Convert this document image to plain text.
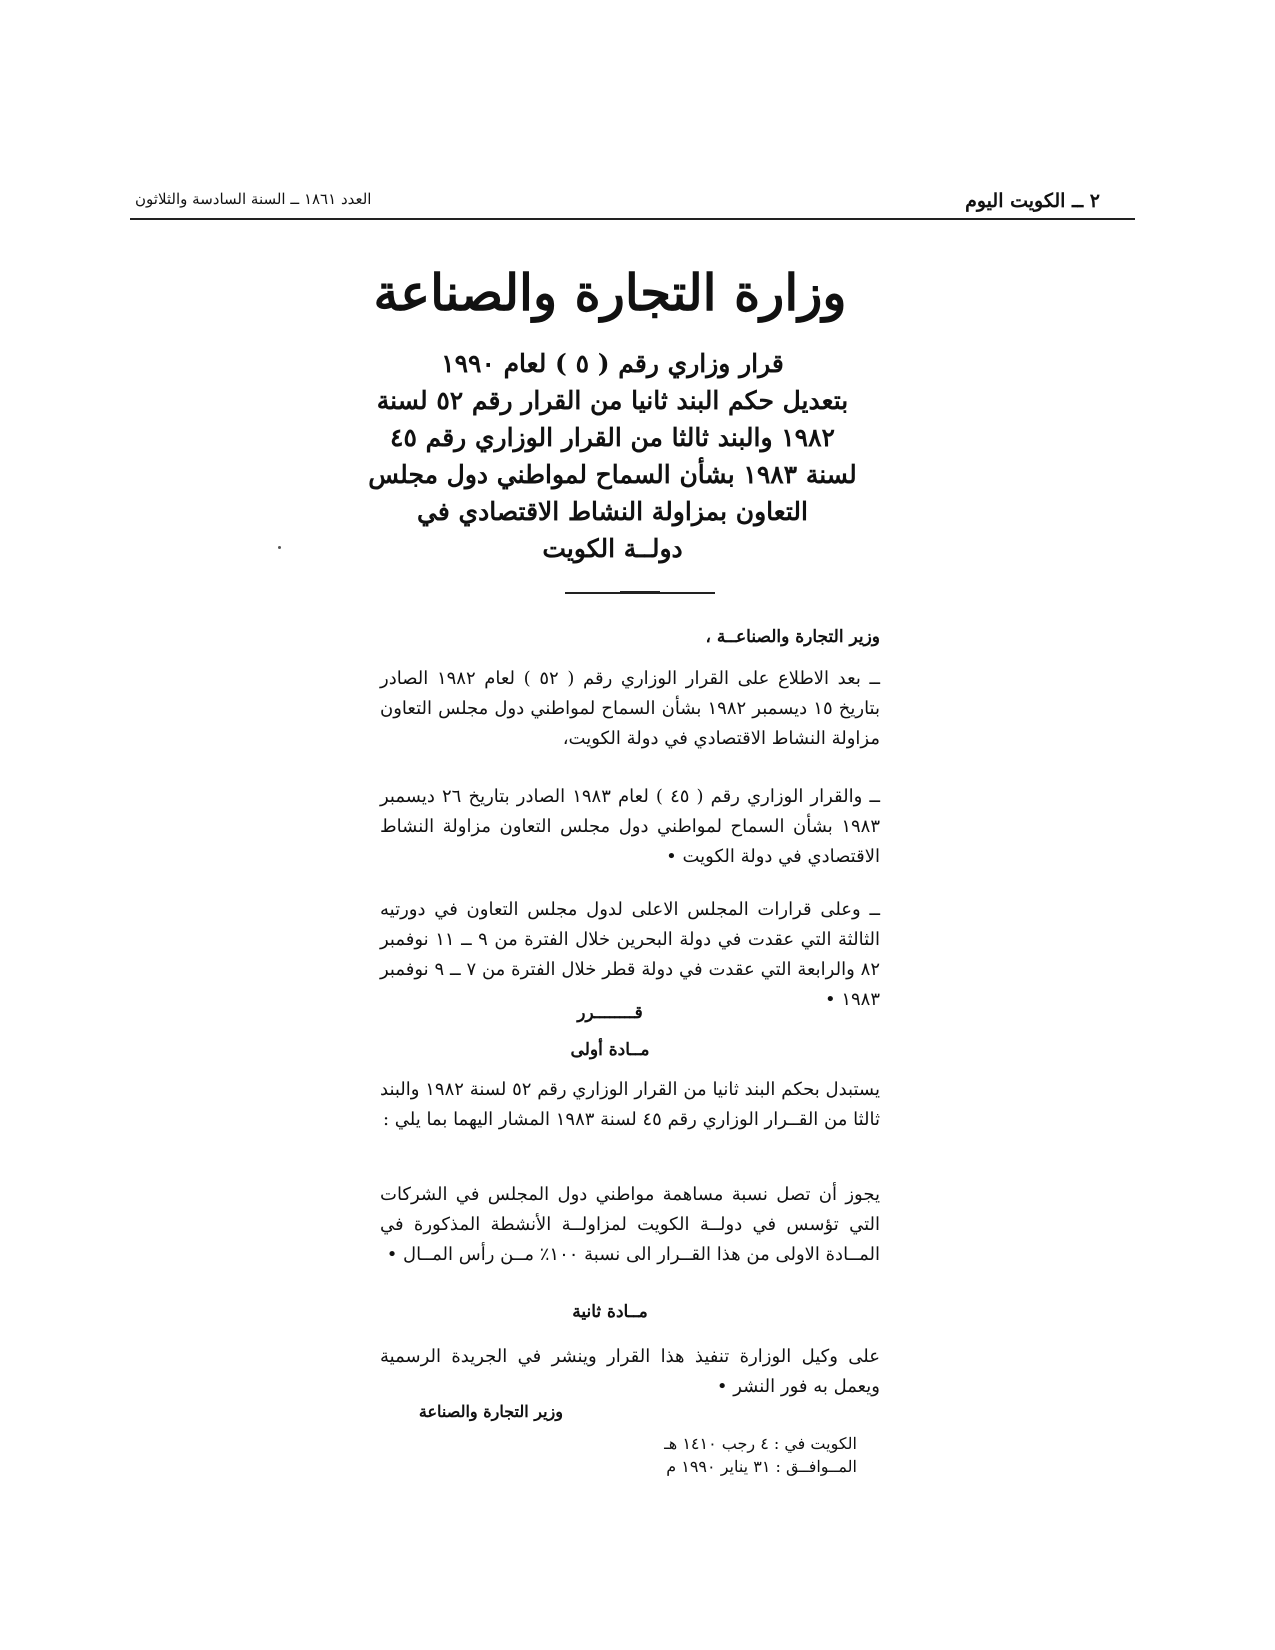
٢ ــ الكويت اليوم
العدد ١٨٦١ ــ السنة السادسة والثلاثون
وزارة التجارة والصناعة
قرار وزاري رقم ( ٥ ) لعام ١٩٩٠
بتعديل حكم البند ثانيا من القرار رقم ٥٢ لسنة
١٩٨٢ والبند ثالثا من القرار الوزاري رقم ٤٥
لسنة ١٩٨٣ بشأن السماح لمواطني دول مجلس
التعاون بمزاولة النشاط الاقتصادي في
دولــة الكويت
وزير التجارة والصناعــة ،
ــ بعد الاطلاع على القرار الوزاري رقم ( ٥٢ ) لعام ١٩٨٢ الصادر بتاريخ ١٥ ديسمبر ١٩٨٢ بشأن السماح لمواطني دول مجلس التعاون مزاولة النشاط الاقتصادي في دولة الكويت،
ــ والقرار الوزاري رقم ( ٤٥ ) لعام ١٩٨٣ الصادر بتاريخ ٢٦ ديسمبر ١٩٨٣ بشأن السماح لمواطني دول مجلس التعاون مزاولة النشاط الاقتصادي في دولة الكويت •
ــ وعلى قرارات المجلس الاعلى لدول مجلس التعاون في دورتيه الثالثة التي عقدت في دولة البحرين خلال الفترة من ٩ ــ ١١ نوفمبر ٨٢ والرابعة التي عقدت في دولة قطر خلال الفترة من ٧ ــ ٩ نوفمبر ١٩٨٣ •
قــــــــرر
مــادة أولى
يستبدل بحكم البند ثانيا من القرار الوزاري رقم ٥٢ لسنة ١٩٨٢ والبند ثالثا من القــرار الوزاري رقم ٤٥ لسنة ١٩٨٣ المشار اليهما بما يلي :
يجوز أن تصل نسبة مساهمة مواطني دول المجلس في الشركات التي تؤسس في دولــة الكويت لمزاولــة الأنشطة المذكورة في المــادة الاولى من هذا القــرار الى نسبة ١٠٠٪ مــن رأس المــال •
مــادة ثانية
على وكيل الوزارة تنفيذ هذا القرار وينشر في الجريدة الرسمية ويعمل به فور النشر •
وزير التجارة والصناعة
الكويت في : ٤ رجب ١٤١٠ هـ
المــوافــق : ٣١ يناير ١٩٩٠ م
